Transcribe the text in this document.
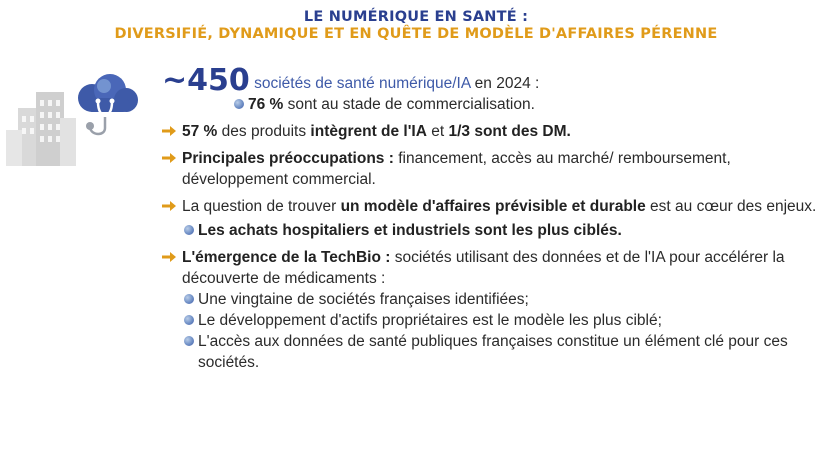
LE NUMÉRIQUE EN SANTÉ :
DIVERSIFIÉ, DYNAMIQUE ET EN QUÊTE DE MODÈLE D'AFFAIRES PÉRENNE
~450 sociétés de santé numérique/IA en 2024 :
76 % sont au stade de commercialisation.
57 % des produits intègrent de l'IA et 1/3 sont des DM.
Principales préoccupations : financement, accès au marché/ remboursement, développement commercial.
La question de trouver un modèle d'affaires prévisible et durable est au cœur des enjeux.
Les achats hospitaliers et industriels sont les plus ciblés.
L'émergence de la TechBio : sociétés utilisant des données et de l'IA pour accélérer la découverte de médicaments :
Une vingtaine de sociétés françaises identifiées;
Le développement d'actifs propriétaires est le modèle les plus ciblé;
L'accès aux données de santé publiques françaises constitue un élément clé pour ces sociétés.
